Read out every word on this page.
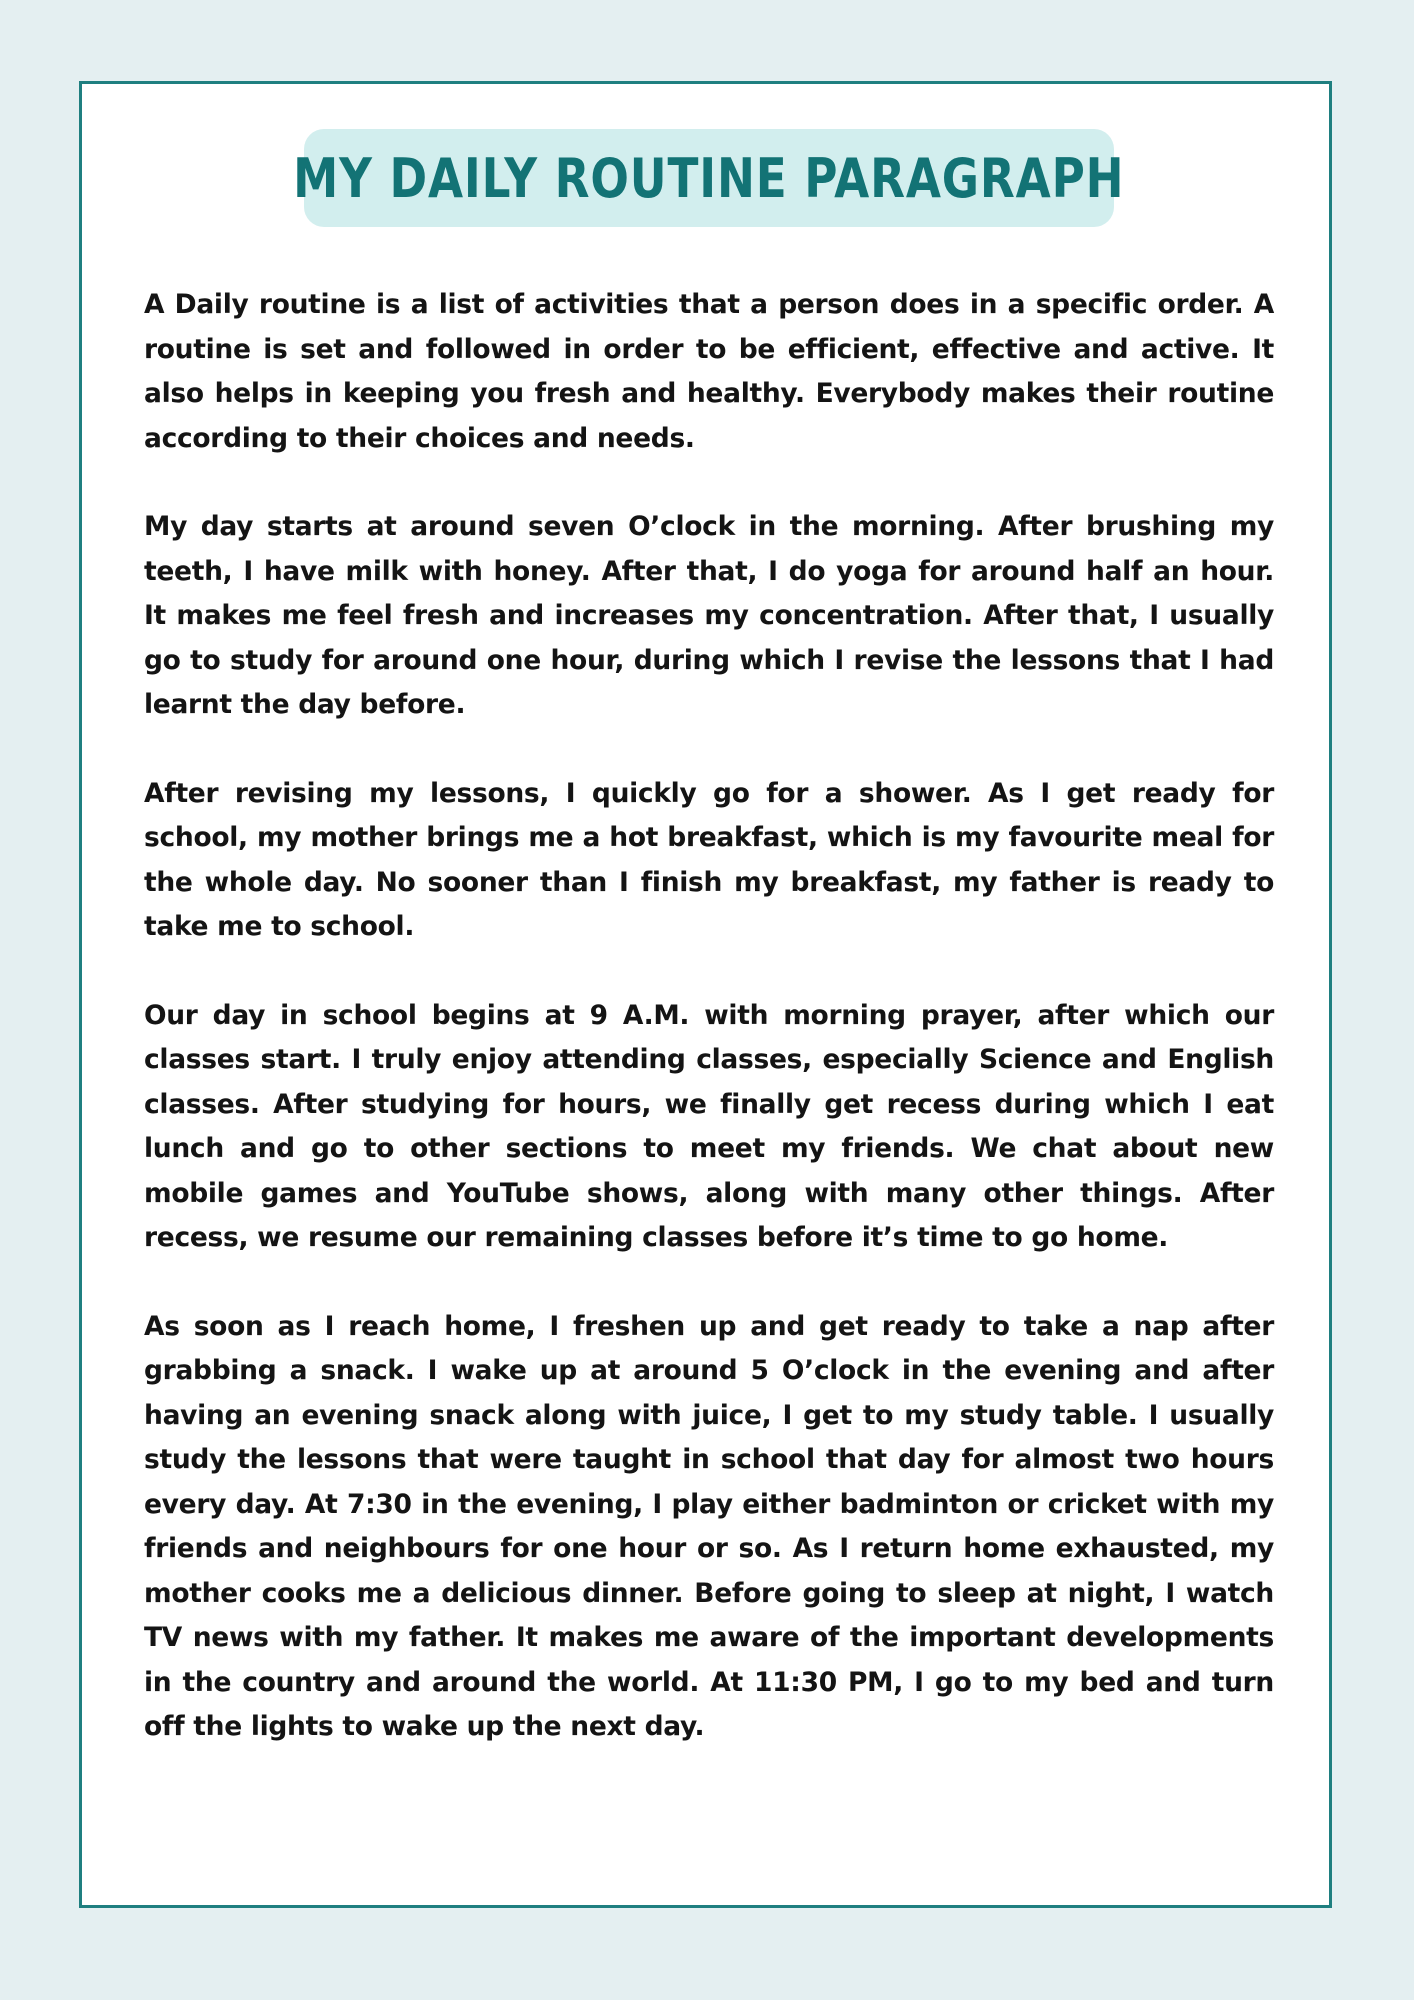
MY DAILY ROUTINE PARAGRAPH

A Daily routine is a list of activities that a person does in a specific order. A routine is set and followed in order to be efficient, effective and active. It also helps in keeping you fresh and healthy. Everybody makes their routine according to their choices and needs.

My day starts at around seven O’clock in the morning. After brushing my teeth, I have milk with honey. After that, I do yoga for around half an hour. It makes me feel fresh and increases my concentration. After that, I usually go to study for around one hour, during which I revise the lessons that I had learnt the day before.

After revising my lessons, I quickly go for a shower. As I get ready for school, my mother brings me a hot breakfast, which is my favourite meal for the whole day. No sooner than I finish my breakfast, my father is ready to take me to school.

Our day in school begins at 9 A.M. with morning prayer, after which our classes start. I truly enjoy attending classes, especially Science and English classes. After studying for hours, we finally get recess during which I eat lunch and go to other sections to meet my friends. We chat about new mobile games and YouTube shows, along with many other things. After recess, we resume our remaining classes before it’s time to go home.

As soon as I reach home, I freshen up and get ready to take a nap after grabbing a snack. I wake up at around 5 O’clock in the evening and after having an evening snack along with juice, I get to my study table. I usually study the lessons that were taught in school that day for almost two hours every day. At 7:30 in the evening, I play either badminton or cricket with my friends and neighbours for one hour or so. As I return home exhausted, my mother cooks me a delicious dinner. Before going to sleep at night, I watch TV news with my father. It makes me aware of the important developments in the country and around the world. At 11:30 PM, I go to my bed and turn off the lights to wake up the next day.
